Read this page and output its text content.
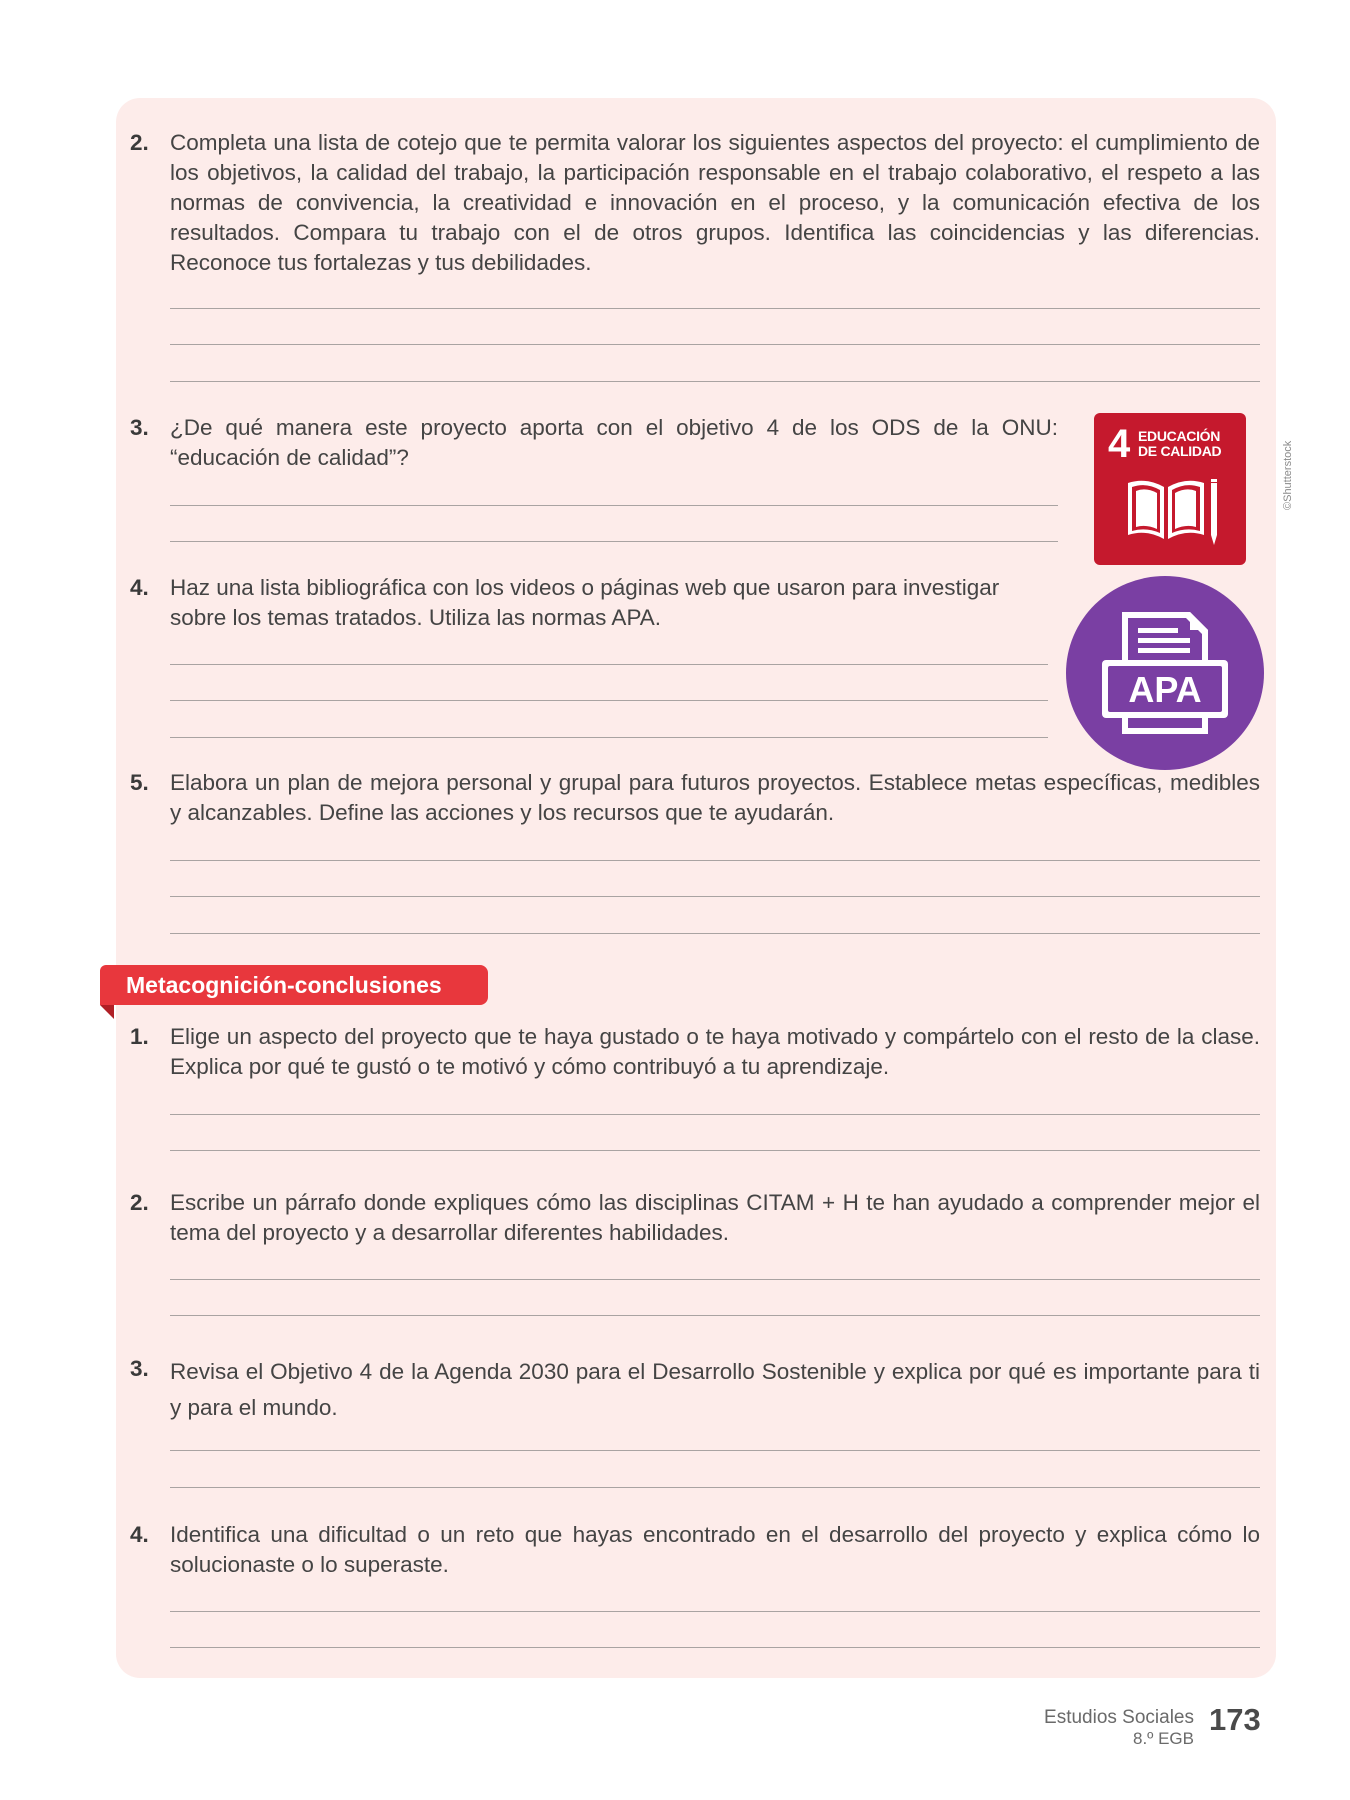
2. Completa una lista de cotejo que te permita valorar los siguientes aspectos del proyecto: el cumplimiento de los objetivos, la calidad del trabajo, la participación responsable en el trabajo colaborativo, el respeto a las normas de convivencia, la creatividad e innovación en el proceso, y la comunicación efectiva de los resultados. Compara tu trabajo con el de otros grupos. Identifica las coincidencias y las diferencias. Reconoce tus fortalezas y tus debilidades.
3. ¿De qué manera este proyecto aporta con el objetivo 4 de los ODS de la ONU: “educación de calidad”?
4. Haz una lista bibliográfica con los videos o páginas web que usaron para investigar sobre los temas tratados. Utiliza las normas APA.
5. Elabora un plan de mejora personal y grupal para futuros proyectos. Establece metas específicas, medibles y alcanzables. Define las acciones y los recursos que te ayudarán.
Metacognición-conclusiones
1. Elige un aspecto del proyecto que te haya gustado o te haya motivado y compártelo con el resto de la clase. Explica por qué te gustó o te motivó y cómo contribuyó a tu aprendizaje.
2. Escribe un párrafo donde expliques cómo las disciplinas CITAM + H te han ayudado a comprender mejor el tema del proyecto y a desarrollar diferentes habilidades.
3. Revisa el Objetivo 4 de la Agenda 2030 para el Desarrollo Sostenible y explica por qué es importante para ti y para el mundo.
4. Identifica una dificultad o un reto que hayas encontrado en el desarrollo del proyecto y explica cómo lo solucionaste o lo superaste.
4 EDUCACIÓN
DE CALIDAD
APA
©Shutterstock
Estudios Sociales
8.º EGB
173
